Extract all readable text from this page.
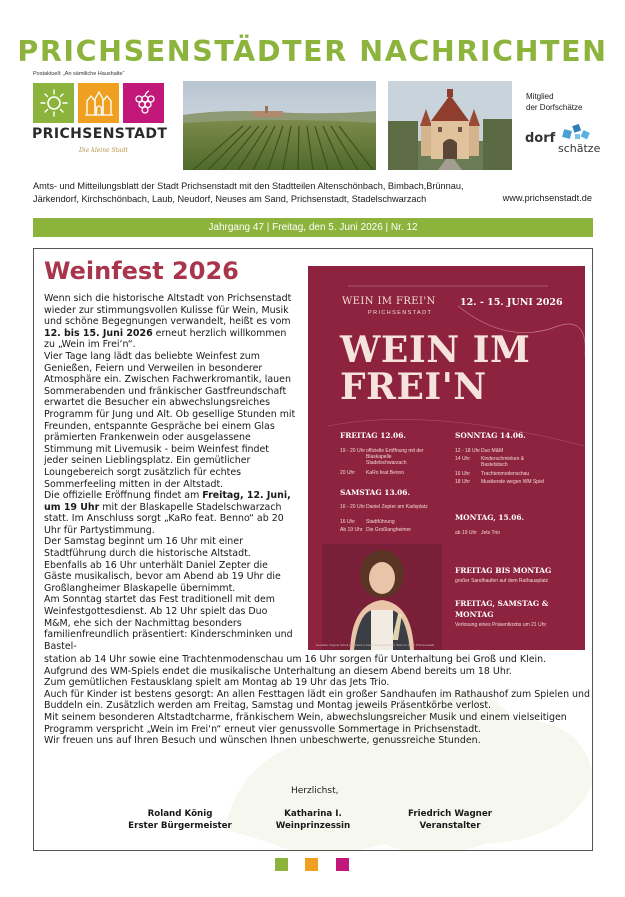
PRICHSENSTÄDTER NACHRICHTEN
Postaktuell: „An sämtliche Haushalte“
PRICHSENSTADT
Die kleine Stadt
Mitglied
der Dorfschätze
dorf
schätze
Amts- und Mitteilungsblatt der Stadt Prichsenstadt mit den Stadtteilen Altenschönbach, Bimbach,Brünnau,
Järkendorf, Kirchschönbach, Laub, Neudorf, Neuses am Sand, Prichsenstadt, Stadelschwarzach	www.prichsenstadt.de
Jahrgang 47 | Freitag, den 5. Juni 2026 | Nr. 12
Weinfest 2026
Wenn sich die historische Altstadt von Prichsenstadt wieder zur stimmungsvollen Kulisse für Wein, Musik und schöne Begegnungen verwandelt, heißt es vom 12. bis 15. Juni 2026 erneut herzlich willkommen zu „Wein im Frei‘n“.
Vier Tage lang lädt das beliebte Weinfest zum Genießen, Feiern und Verweilen in besonderer Atmosphäre ein. Zwischen Fachwerkromantik, lauen Sommerabenden und fränkischer Gastfreundschaft erwartet die Besucher ein abwechslungsreiches Programm für Jung und Alt. Ob gesellige Stunden mit Freunden, entspannte Gespräche bei einem Glas prämierten Frankenwein oder ausgelassene Stimmung mit Livemusik - beim Weinfest findet jeder seinen Lieblingsplatz. Ein gemütlicher Loungebereich sorgt zusätzlich für echtes Sommerfeeling mitten in der Altstadt.
Die offizielle Eröffnung findet am Freitag, 12. Juni, um 19 Uhr mit der Blaskapelle Stadelschwarzach statt. Im Anschluss sorgt „KaRo feat. Benno“ ab 20 Uhr für Partystimmung.
Der Samstag beginnt um 16 Uhr mit einer Stadtführung durch die historische Altstadt. Ebenfalls ab 16 Uhr unterhält Daniel Zepter die Gäste musikalisch, bevor am Abend ab 19 Uhr die Großlangheimer Blaskapelle übernimmt.
Am Sonntag startet das Fest traditionell mit dem Weinfestgottesdienst. Ab 12 Uhr spielt das Duo M&M, ehe sich der Nachmittag besonders familienfreundlich präsentiert: Kinderschminken und Bastel-
station ab 14 Uhr sowie eine Trachtenmodenschau um 16 Uhr sorgen für Unterhaltung bei Groß und Klein. Aufgrund des WM-Spiels endet die musikalische Unterhaltung an diesem Abend bereits um 18 Uhr.
Zum gemütlichen Festausklang spielt am Montag ab 19 Uhr das Jets Trio.
Auch für Kinder ist bestens gesorgt: An allen Festtagen lädt ein großer Sandhaufen im Rathaushof zum Spielen und Buddeln ein. Zusätzlich werden am Freitag, Samstag und Montag jeweils Präsentkörbe verlost.
Mit seinem besonderen Altstadtcharme, fränkischem Wein, abwechslungsreicher Musik und einem vielseitigen Programm verspricht „Wein im Frei‘n“ erneut vier genussvolle Sommertage in Prichsenstadt.
Wir freuen uns auf Ihren Besuch und wünschen Ihnen unbeschwerte, genussreiche Stunden.
WEIN IM FREI'N
PRICHSENSTADT
12. - 15. JUNI 2026
WEIN IM
FREI'N
FREITAG 12.06.
19 - 20 Uhr offizielle Eröffnung mit der Blaskapelle Stadelschwarzach
20 Uhr	KaRo feat Benno
SAMSTAG 13.06.
16 - 20 Uhr Daniel Zepter am Karlsplatz
16 Uhr	Stadtführung
Ab 19 Uhr Die Großlangheimer
SONNTAG 14.06.
12 - 18 Uhr Duo M&M
14 Uhr	Kinderschminken & Bastelstisch
16 Uhr	Trachtenmodenschau
18 Uhr	Musikende wegen WM Spiel
MONTAG, 15.06.
ab 19 Uhr Jets Trio
FREITAG BIS MONTAG
großer Sandhaufen auf dem Rathausplatz
FREITAG, SAMSTAG &
MONTAG
Verlosung eines Präsentkorbs um 21 Uhr
Gestaltet: Regina Scholl | Druckerei | Fotos: Regina Scholl | Wein im Frei'n Prichsenstadt
Herzlichst,
Roland König
Erster Bürgermeister
Katharina I.
Weinprinzessin
Friedrich Wagner
Veranstalter
